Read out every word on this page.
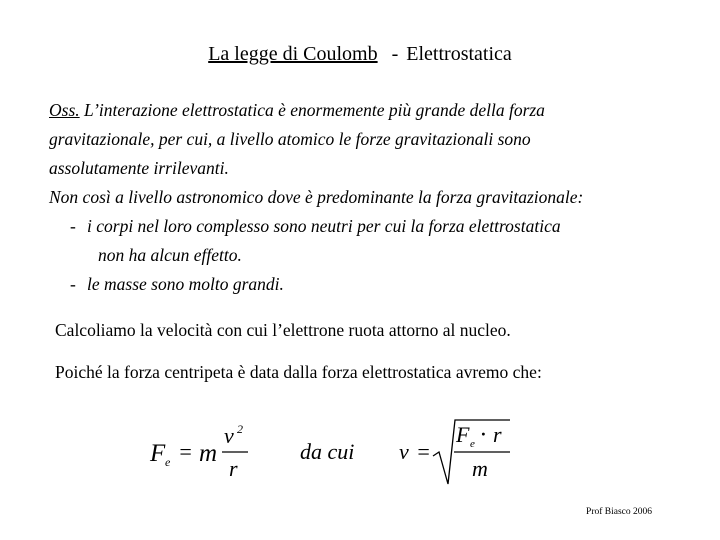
La legge di Coulomb - Elettrostatica
Oss. L’interazione elettrostatica è enormemente più grande della forza
gravitazionale, per cui, a livello atomico le forze gravitazionali sono
assolutamente irrilevanti.
Non così a livello astronomico dove è predominante la forza gravitazionale:
- i corpi nel loro complesso sono neutri per cui la forza elettrostatica
non ha alcun effetto.
- le masse sono molto grandi.
Calcoliamo la velocità con cui l’elettrone ruota attorno al nucleo.
Poiché la forza centripeta è data dalla forza elettrostatica avremo che:
F e = m
v 2
r
da cui v =
F e · r
m
Prof Biasco 2006
